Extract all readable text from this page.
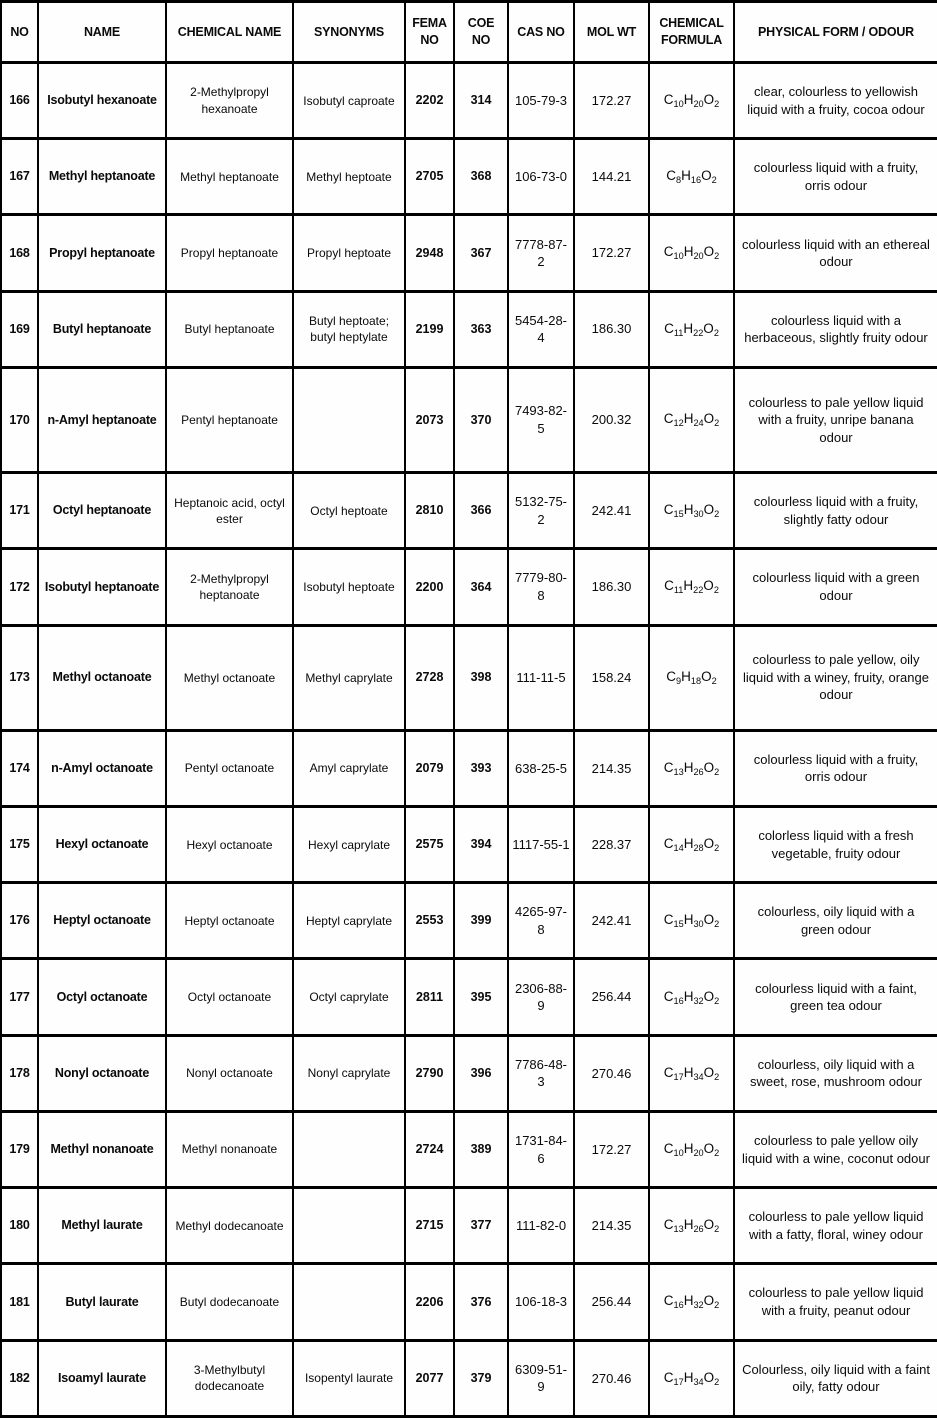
NO	NAME	CHEMICAL NAME	SYNONYMS	FEMA NO	COE NO	CAS NO	MOL WT	CHEMICAL FORMULA	PHYSICAL FORM / ODOUR
166	Isobutyl hexanoate	2-Methylpropyl hexanoate	Isobutyl caproate	2202	314	105-79-3	172.27	$C_{10}H_{20}O_2$	clear, colourless to yellowish liquid with a fruity, cocoa odour
167	Methyl heptanoate	Methyl heptanoate	Methyl heptoate	2705	368	106-73-0	144.21	$C_8H_{16}O_2$	colourless liquid with a fruity, orris odour
168	Propyl heptanoate	Propyl heptanoate	Propyl heptoate	2948	367	7778-87-2	172.27	$C_{10}H_{20}O_2$	colourless liquid with an ethereal odour
169	Butyl heptanoate	Butyl heptanoate	Butyl heptoate; butyl heptylate	2199	363	5454-28-4	186.30	$C_{11}H_{22}O_2$	colourless liquid with a herbaceous, slightly fruity odour
170	n-Amyl heptanoate	Pentyl heptanoate		2073	370	7493-82-5	200.32	$C_{12}H_{24}O_2$	colourless to pale yellow liquid with a fruity, unripe banana odour
171	Octyl heptanoate	Heptanoic acid, octyl ester	Octyl heptoate	2810	366	5132-75-2	242.41	$C_{15}H_{30}O_2$	colourless liquid with a fruity, slightly fatty odour
172	Isobutyl heptanoate	2-Methylpropyl heptanoate	Isobutyl heptoate	2200	364	7779-80-8	186.30	$C_{11}H_{22}O_2$	colourless liquid with a green odour
173	Methyl octanoate	Methyl octanoate	Methyl caprylate	2728	398	111-11-5	158.24	$C_9H_{18}O_2$	colourless to pale yellow, oily liquid with a winey, fruity, orange odour
174	n-Amyl octanoate	Pentyl octanoate	Amyl caprylate	2079	393	638-25-5	214.35	$C_{13}H_{26}O_2$	colourless liquid with a fruity, orris odour
175	Hexyl octanoate	Hexyl octanoate	Hexyl caprylate	2575	394	1117-55-1	228.37	$C_{14}H_{28}O_2$	colorless liquid with a fresh vegetable, fruity odour
176	Heptyl octanoate	Heptyl octanoate	Heptyl caprylate	2553	399	4265-97-8	242.41	$C_{15}H_{30}O_2$	colourless, oily liquid with a green odour
177	Octyl octanoate	Octyl octanoate	Octyl caprylate	2811	395	2306-88-9	256.44	$C_{16}H_{32}O_2$	colourless liquid with a faint, green tea odour
178	Nonyl octanoate	Nonyl octanoate	Nonyl caprylate	2790	396	7786-48-3	270.46	$C_{17}H_{34}O_2$	colourless, oily liquid with a sweet, rose, mushroom odour
179	Methyl nonanoate	Methyl nonanoate		2724	389	1731-84-6	172.27	$C_{10}H_{20}O_2$	colourless to pale yellow oily liquid with a wine, coconut odour
180	Methyl laurate	Methyl dodecanoate		2715	377	111-82-0	214.35	$C_{13}H_{26}O_2$	colourless to pale yellow liquid with a fatty, floral, winey odour
181	Butyl laurate	Butyl dodecanoate		2206	376	106-18-3	256.44	$C_{16}H_{32}O_2$	colourless to pale yellow liquid with a fruity, peanut odour
182	Isoamyl laurate	3-Methylbutyl dodecanoate	Isopentyl laurate	2077	379	6309-51-9	270.46	$C_{17}H_{34}O_2$	Colourless, oily liquid with a faint oily, fatty odour
